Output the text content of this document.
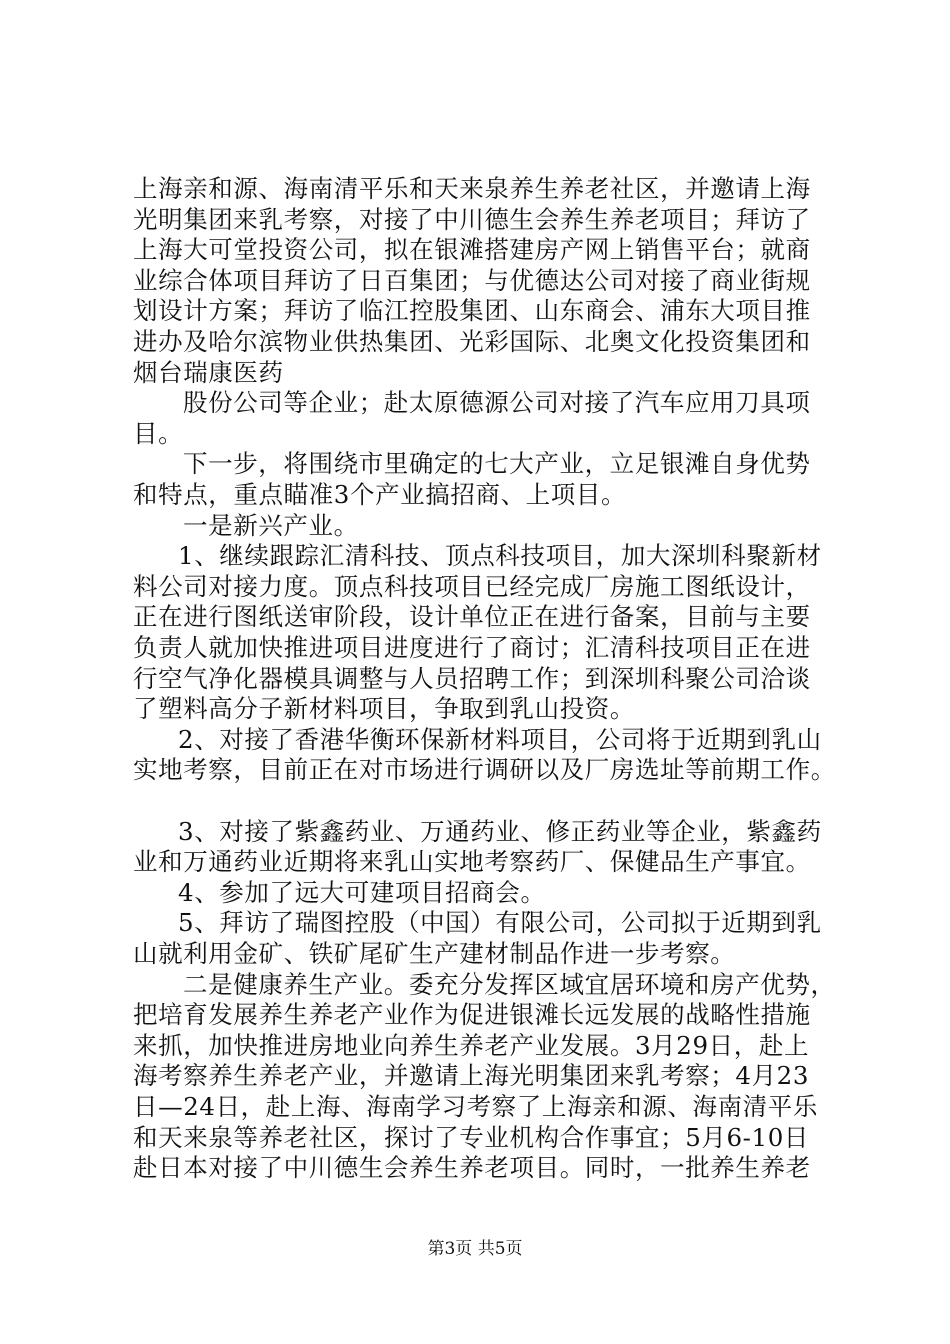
上海亲和源、海南清平乐和天来泉养生养老社区，并邀请上海
光明集团来乳考察，对接了中川德生会养生养老项目；拜访了
上海大可堂投资公司，拟在银滩搭建房产网上销售平台；就商
业综合体项目拜访了日百集团；与优德达公司对接了商业街规
划设计方案；拜访了临江控股集团、山东商会、浦东大项目推
进办及哈尔滨物业供热集团、光彩国际、北奥文化投资集团和
烟台瑞康医药
股份公司等企业；赴太原德源公司对接了汽车应用刀具项
目。
下一步，将围绕市里确定的七大产业，立足银滩自身优势
和特点，重点瞄准3个产业搞招商、上项目。
一是新兴产业。
1、继续跟踪汇清科技、顶点科技项目，加大深圳科聚新材
料公司对接力度。顶点科技项目已经完成厂房施工图纸设计，
正在进行图纸送审阶段，设计单位正在进行备案，目前与主要
负责人就加快推进项目进度进行了商讨；汇清科技项目正在进
行空气净化器模具调整与人员招聘工作；到深圳科聚公司洽谈
了塑料高分子新材料项目，争取到乳山投资。
2、对接了香港华衡环保新材料项目，公司将于近期到乳山
实地考察，目前正在对市场进行调研以及厂房选址等前期工作。
3、对接了紫鑫药业、万通药业、修正药业等企业，紫鑫药
业和万通药业近期将来乳山实地考察药厂、保健品生产事宜。
4、参加了远大可建项目招商会。
5、拜访了瑞图控股（中国）有限公司，公司拟于近期到乳
山就利用金矿、铁矿尾矿生产建材制品作进一步考察。
二是健康养生产业。委充分发挥区域宜居环境和房产优势，
把培育发展养生养老产业作为促进银滩长远发展的战略性措施
来抓，加快推进房地业向养生养老产业发展。3月29日，赴上
海考察养生养老产业，并邀请上海光明集团来乳考察；4月23
日—24日，赴上海、海南学习考察了上海亲和源、海南清平乐
和天来泉等养老社区，探讨了专业机构合作事宜；5月6-10日
赴日本对接了中川德生会养生养老项目。同时，一批养生养老
第3页 共5页
